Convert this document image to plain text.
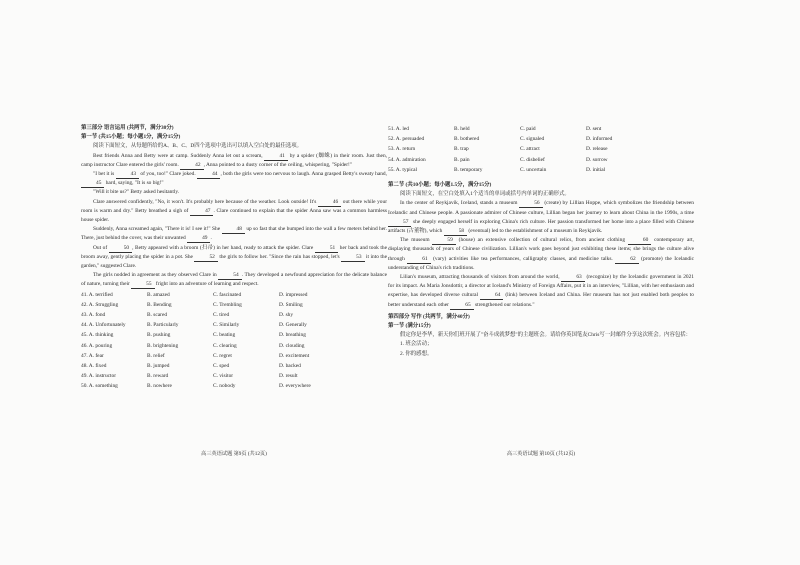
第三部分 语言运用 (共两节，满分30分)
第一节 (共15小题；每小题1分，满分15分)

阅读下面短文，从每题所给的A、B、C、D四个选项中选出可以填入空白处的最佳选项。

Best friends Anna and Betty were at camp. Suddenly Anna let out a scream,	41 by a spider (蜘蛛) in their room. Just then, camp instructor Clare entered the girls' room.	42 , Anna pointed to a dusty corner of the ceiling, whispering, "Spider!"

"I bet it is	43 of you, too!" Clare joked.	44 , both the girls were too nervous to laugh. Anna grasped Betty's sweaty hand, 45 hard, saying, "It is so big!"

"Will it bite us?" Betty asked hesitantly.

Clare answered confidently, "No, it won't. It's probably here because of the weather. Look outside! It's	46 out there while your room is warm and dry." Betty breathed a sigh of	47 . Clare continued to explain that the spider Anna saw was a common harmless house spider.

Suddenly, Anna screamed again, "There it is! I see it!" She	48 up so fast that she bumped into the wall a few meters behind her. There, just behind the cover, was their unwanted	49 .

Out of	50 , Betty appeared with a broom (扫帚) in her hand, ready to attack the spider. Clare	51 her back and took the broom away, gently placing the spider in a pot. She	52 the girls to follow her. "Since the rain has stopped, let's	53 it into the garden," suggested Clare.

The girls nodded in agreement as they observed Clare in	54 . They developed a newfound appreciation for the delicate balance of nature, turning their	55 fright into an adventure of learning and respect.

41. A. terrified	B. amazed	C. fascinated	D. impressed
42. A. Struggling	B. Bending	C. Trembling	D. Smiling
43. A. fond	B. scared	C. tired	D. shy
44. A. Unfortunately	B. Particularly	C. Similarly	D. Generally
45. A. thinking	B. pushing	C. beating	D. breathing
46. A. pouring	B. brightening	C. clearing	D. clouding
47. A. fear	B. relief	C. regret	D. excitement
48. A. fixed	B. jumped	C. sped	D. backed
49. A. instructor	B. reward	C. visitor	D. result
50. A. something	B. nowhere	C. nobody	D. everywhere
高三英语试题 第9页 (共12页)
51. A. led	B. held	C. paid	D. sent
52. A. persuaded	B. bothered	C. signaled	D. informed
53. A. return	B. trap	C. attract	D. release
54. A. admiration	B. pain	C. disbelief	D. sorrow
55. A. typical	B. temporary	C. uncertain	D. initial
第二节 (共10小题；每小题1.5分，满分15分)

阅读下面短文，在空白处填入1个适当的单词或括号内单词的正确形式。

In the center of Reykjavik, Iceland, stands a museum	56 (create) by Lillian Hoppe, which symbolizes the friendship between Icelandic and Chinese people. A passionate admirer of Chinese culture, Lillian began her journey to learn about China in the 1990s, a time 57 she deeply engaged herself in exploring China's rich culture. Her passion transformed her home into a place filled with Chinese artifacts (古董物), which	58 (eventual) led to the establishment of a museum in Reykjavik.

The museum	59 (house) an extensive collection of cultural relics, from ancient clothing	60 contemporary art, displaying thousands of years of Chinese civilization. Lillian's work goes beyond just exhibiting these items; she brings the culture alive through	61 (vary) activities like tea performances, calligraphy classes, and medicine talks.	62 (promote) the Icelandic understanding of China's rich traditions.

Lilian's museum, attracting thousands of visitors from around the world,	63 (recognize) by the Icelandic government in 2021 for its impact. As Maria Jonsdottir, a director at Iceland's Ministry of Foreign Affairs, put it in an interview, "Lillian, with her enthusiasm and expertise, has developed diverse cultural	64 (link) between Iceland and China. Her museum has not just enabled both peoples to better understand each other	65 strengthened our relations."

第四部分 写作 (共两节，满分40分)
第一节 (满分15分)

假定你是李华，新天你们班开展了"奋斗成就梦想"的主题班会。请给你英国笔友Chris写一封邮件分享这次班会。内容包括：

1. 班会活动；
2. 你的感想。
高三英语试题 第10页 (共12页)
